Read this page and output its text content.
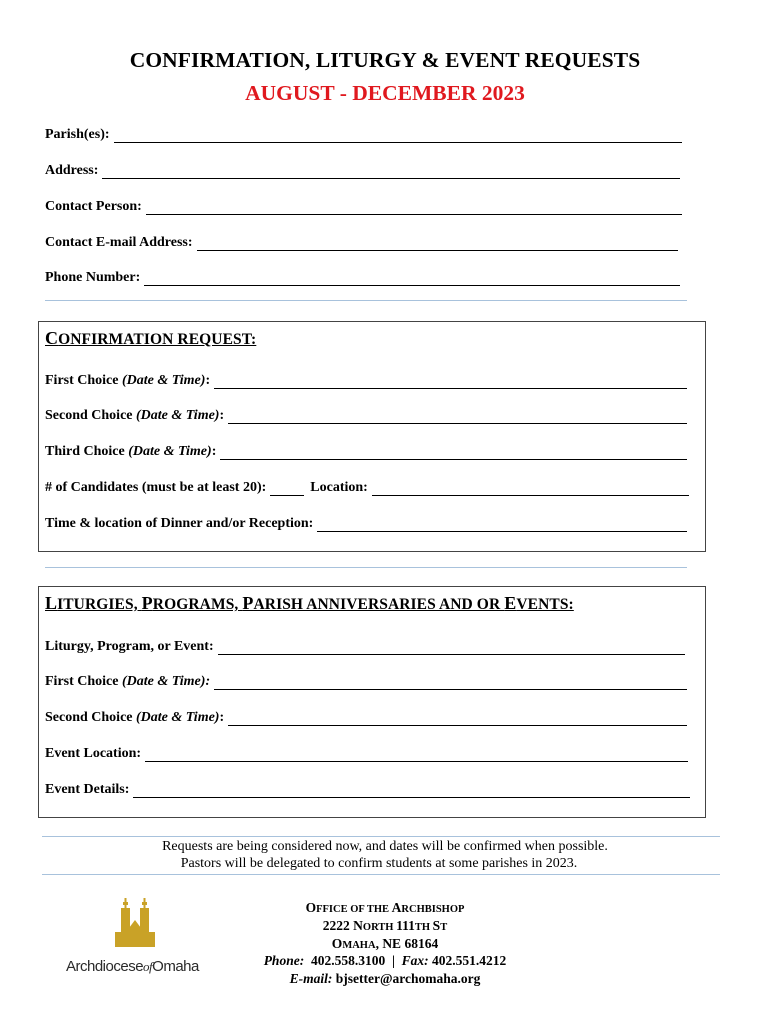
CONFIRMATION, LITURGY & EVENT REQUESTS
AUGUST - DECEMBER 2023
Parish(es):
Address:
Contact Person:
Contact E-mail Address:
Phone Number:
CONFIRMATION REQUEST:
First Choice (Date & Time):
Second Choice (Date & Time):
Third Choice (Date & Time):
# of Candidates (must be at least 20):	Location:
Time & location of Dinner and/or Reception:
LITURGIES, PROGRAMS, PARISH ANNIVERSARIES AND OR EVENTS:
Liturgy, Program, or Event:
First Choice (Date & Time):
Second Choice (Date & Time):
Event Location:
Event Details:
Requests are being considered now, and dates will be confirmed when possible.
Pastors will be delegated to confirm students at some parishes in 2023.
ArchdioceseofOmaha
OFFICE OF THE ARCHBISHOP
2222 NORTH 111TH ST
OMAHA, NE 68164
Phone: 402.558.3100  |  Fax: 402.551.4212
E-mail: bjsetter@archomaha.org
